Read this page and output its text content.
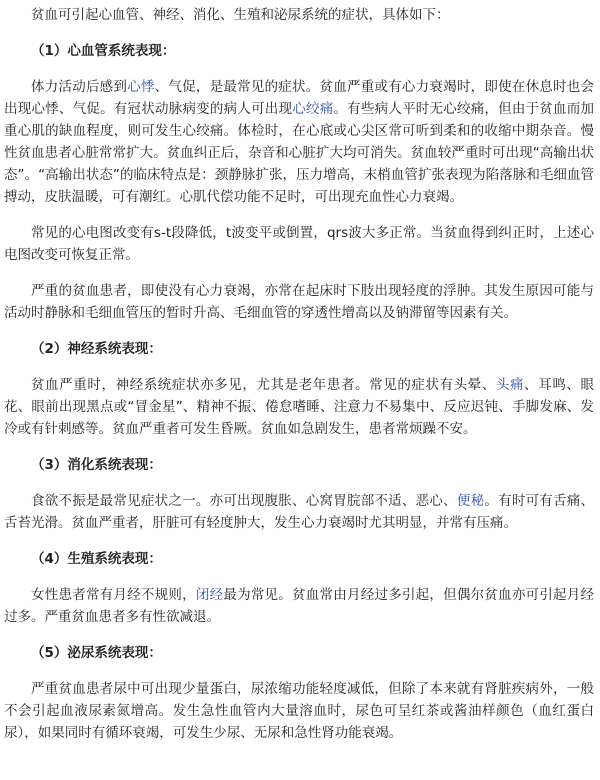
贫血可引起心血管、神经、消化、生殖和泌尿系统的症状，具体如下：

（1）心血管系统表现：

体力活动后感到心悸、气促，是最常见的症状。贫血严重或有心力衰竭时，即使在休息时也会出现心悸、气促。有冠状动脉病变的病人可出现心绞痛。有些病人平时无心绞痛，但由于贫血而加重心肌的缺血程度，则可发生心绞痛。体检时，在心底或心尖区常可听到柔和的收缩中期杂音。慢性贫血患者心脏常常扩大。贫血纠正后，杂音和心脏扩大均可消失。贫血较严重时可出现“高输出状态”。“高输出状态”的临床特点是：颈静脉扩张，压力增高，末梢血管扩张表现为陷落脉和毛细血管搏动，皮肤温暖，可有潮红。心肌代偿功能不足时，可出现充血性心力衰竭。

常见的心电图改变有s-t段降低，t波变平或倒置，qrs波大多正常。当贫血得到纠正时，上述心电图改变可恢复正常。

严重的贫血患者，即使没有心力衰竭，亦常在起床时下肢出现轻度的浮肿。其发生原因可能与活动时静脉和毛细血管压的暂时升高、毛细血管的穿透性增高以及钠滞留等因素有关。

（2）神经系统表现：

贫血严重时，神经系统症状亦多见，尤其是老年患者。常见的症状有头晕、头痛、耳鸣、眼花、眼前出现黑点或“冒金星”、精神不振、倦怠嗜睡、注意力不易集中、反应迟钝、手脚发麻、发冷或有针刺感等。贫血严重者可发生昏厥。贫血如急剧发生，患者常烦躁不安。

（3）消化系统表现：

食欲不振是最常见症状之一。亦可出现腹胀、心窝胃脘部不适、恶心、便秘。有时可有舌痛、舌苔光滑。贫血严重者，肝脏可有轻度肿大，发生心力衰竭时尤其明显，并常有压痛。

（4）生殖系统表现：

女性患者常有月经不规则，闭经最为常见。贫血常由月经过多引起，但偶尔贫血亦可引起月经过多。严重贫血患者多有性欲减退。

（5）泌尿系统表现：

严重贫血患者尿中可出现少量蛋白，尿浓缩功能轻度减低，但除了本来就有肾脏疾病外，一般不会引起血液尿素氮增高。发生急性血管内大量溶血时，尿色可呈红茶或酱油样颜色（血红蛋白尿），如果同时有循环衰竭，可发生少尿、无尿和急性肾功能衰竭。
